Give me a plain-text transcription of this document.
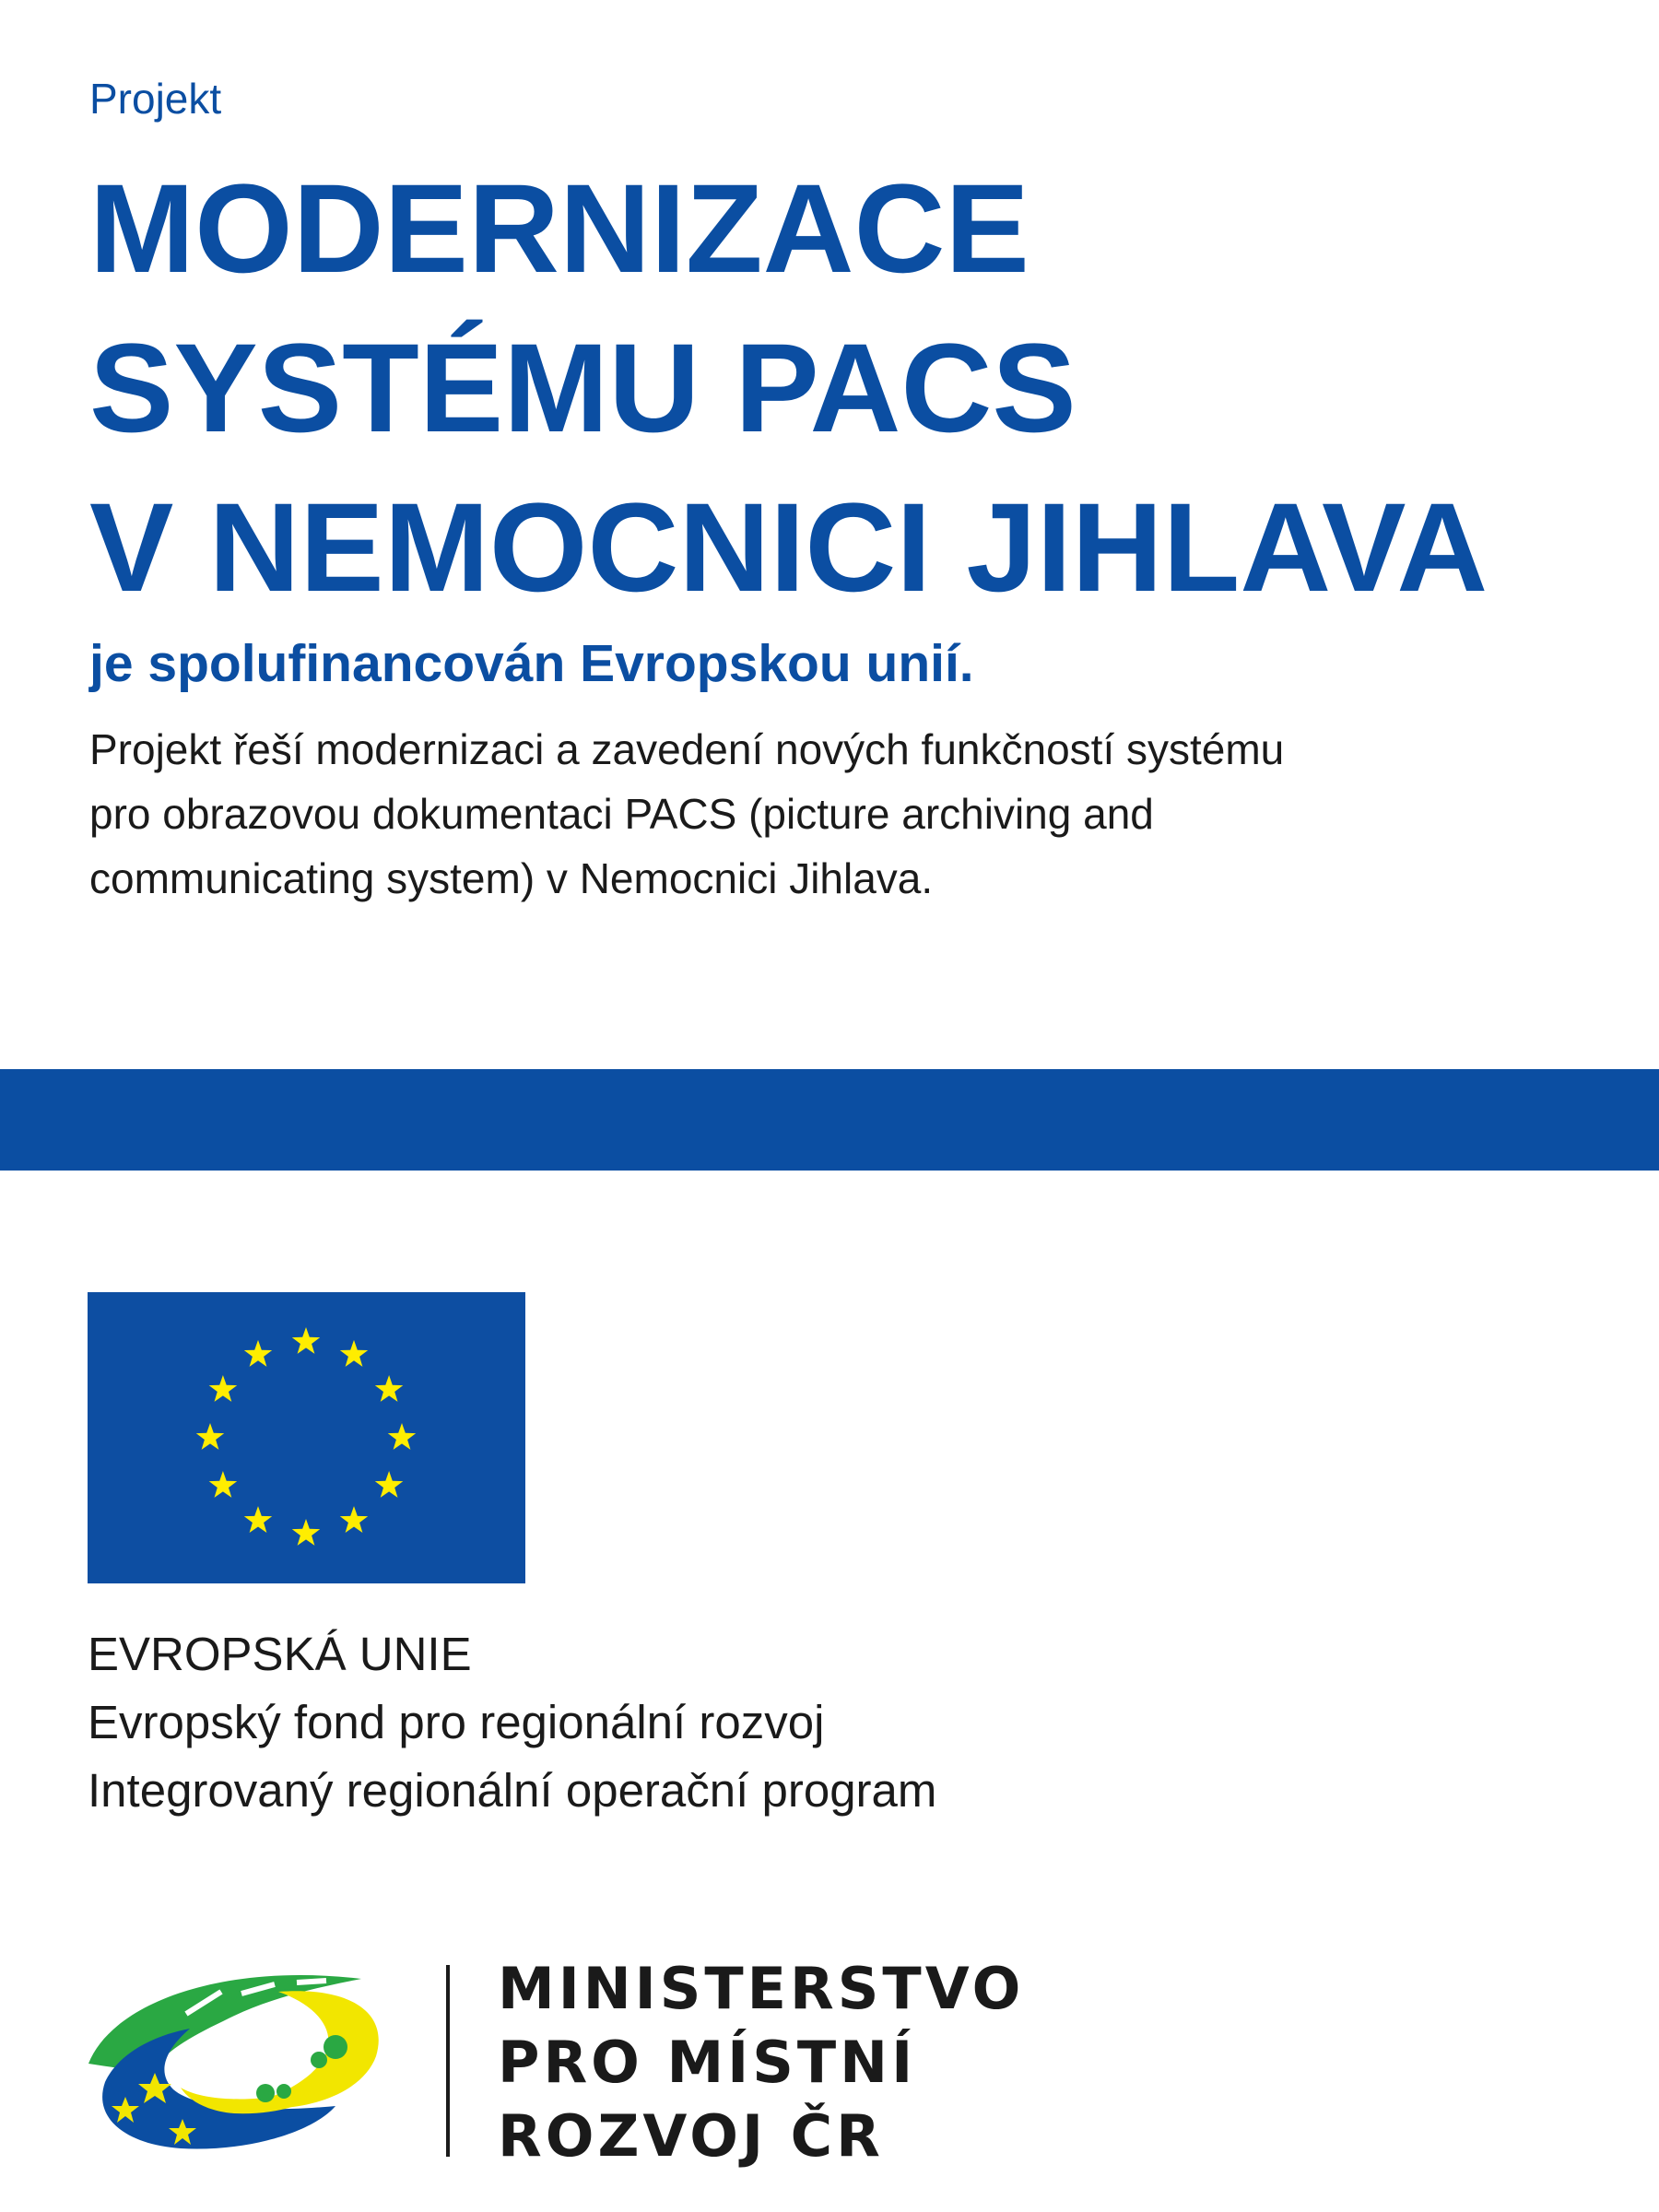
Projekt

MODERNIZACE
SYSTÉMU PACS
V NEMOCNICI JIHLAVA

je spolufinancován Evropskou unií.

Projekt řeší modernizaci a zavedení nových funkčností systému
pro obrazovou dokumentaci PACS (picture archiving and
communicating system) v Nemocnici Jihlava.

EVROPSKÁ UNIE
Evropský fond pro regionální rozvoj
Integrovaný regionální operační program

MINISTERSTVO
PRO MÍSTNÍ
ROZVOJ ČR
